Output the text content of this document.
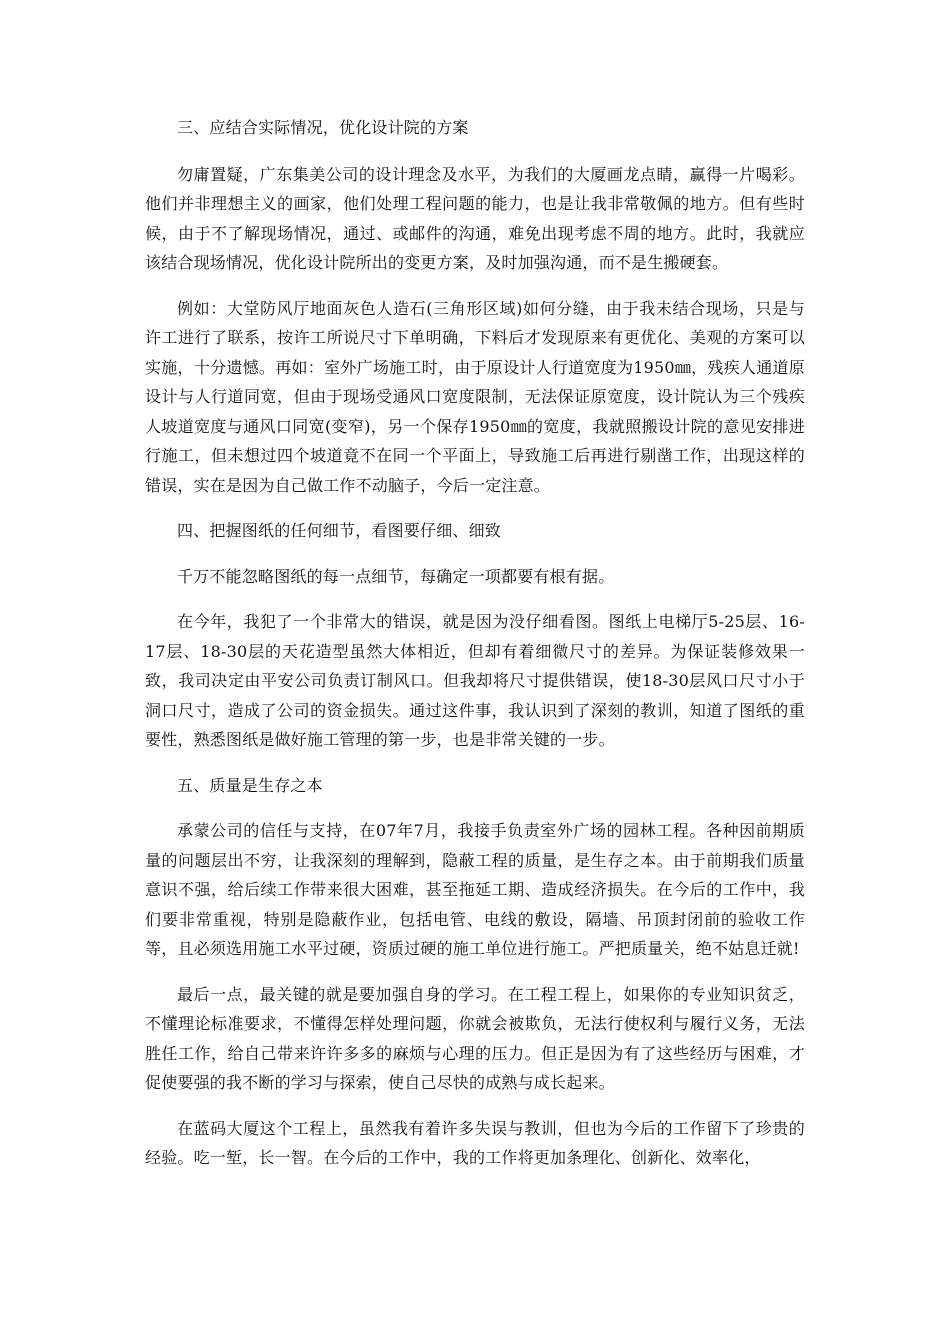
三、应结合实际情况，优化设计院的方案

勿庸置疑，广东集美公司的设计理念及水平，为我们的大厦画龙点睛，赢得一片喝彩。他们并非理想主义的画家，他们处理工程问题的能力，也是让我非常敬佩的地方。但有些时候，由于不了解现场情况，通过、或邮件的沟通，难免出现考虑不周的地方。此时，我就应该结合现场情况，优化设计院所出的变更方案，及时加强沟通，而不是生搬硬套。

例如：大堂防风厅地面灰色人造石(三角形区域)如何分缝，由于我未结合现场，只是与许工进行了联系，按许工所说尺寸下单明确，下料后才发现原来有更优化、美观的方案可以实施，十分遗憾。再如：室外广场施工时，由于原设计人行道宽度为1950㎜，残疾人通道原设计与人行道同宽，但由于现场受通风口宽度限制，无法保证原宽度，设计院认为三个残疾人坡道宽度与通风口同宽(变窄)，另一个保存1950㎜的宽度，我就照搬设计院的意见安排进行施工，但未想过四个坡道竟不在同一个平面上，导致施工后再进行剔凿工作，出现这样的错误，实在是因为自己做工作不动脑子，今后一定注意。

四、把握图纸的任何细节，看图要仔细、细致

千万不能忽略图纸的每一点细节，每确定一项都要有根有据。

在今年，我犯了一个非常大的错误，就是因为没仔细看图。图纸上电梯厅5-25层、16-17层、18-30层的天花造型虽然大体相近，但却有着细微尺寸的差异。为保证装修效果一致，我司决定由平安公司负责订制风口。但我却将尺寸提供错误，使18-30层风口尺寸小于洞口尺寸，造成了公司的资金损失。通过这件事，我认识到了深刻的教训，知道了图纸的重要性，熟悉图纸是做好施工管理的第一步，也是非常关键的一步。

五、质量是生存之本

承蒙公司的信任与支持，在07年7月，我接手负责室外广场的园林工程。各种因前期质量的问题层出不穷，让我深刻的理解到，隐蔽工程的质量，是生存之本。由于前期我们质量意识不强，给后续工作带来很大困难，甚至拖延工期、造成经济损失。在今后的工作中，我们要非常重视，特别是隐蔽作业，包括电管、电线的敷设，隔墙、吊顶封闭前的验收工作等，且必须选用施工水平过硬，资质过硬的施工单位进行施工。严把质量关，绝不姑息迁就!

最后一点，最关键的就是要加强自身的学习。在工程工程上，如果你的专业知识贫乏，不懂理论标准要求，不懂得怎样处理问题，你就会被欺负，无法行使权利与履行义务，无法胜任工作，给自己带来许许多多的麻烦与心理的压力。但正是因为有了这些经历与困难，才促使要强的我不断的学习与探索，使自己尽快的成熟与成长起来。

在蓝码大厦这个工程上，虽然我有着许多失误与教训，但也为今后的工作留下了珍贵的经验。吃一堑，长一智。在今后的工作中，我的工作将更加条理化、创新化、效率化，
